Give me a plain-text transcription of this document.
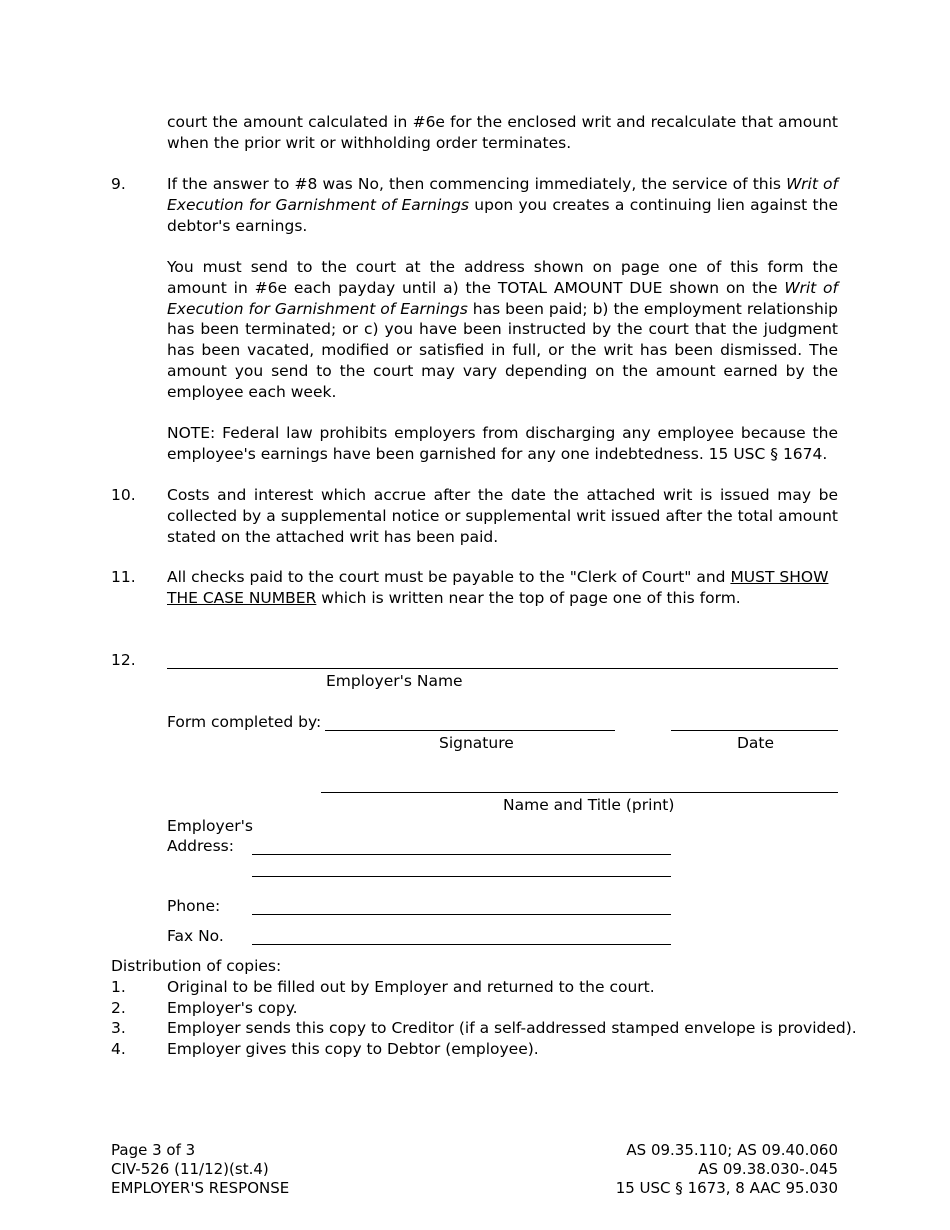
court the amount calculated in #6e for the enclosed writ and recalculate that amount when the prior writ or withholding order terminates.

9.	If the answer to #8 was No, then commencing immediately, the service of this Writ of Execution for Garnishment of Earnings upon you creates a continuing lien against the debtor's earnings.

You must send to the court at the address shown on page one of this form the amount in #6e each payday until a) the TOTAL AMOUNT DUE shown on the Writ of Execution for Garnishment of Earnings has been paid; b) the employment relationship has been terminated; or c) you have been instructed by the court that the judgment has been vacated, modified or satisfied in full, or the writ has been dismissed. The amount you send to the court may vary depending on the amount earned by the employee each week.

NOTE: Federal law prohibits employers from discharging any employee because the employee's earnings have been garnished for any one indebtedness. 15 USC § 1674.

10. Costs and interest which accrue after the date the attached writ is issued may be collected by a supplemental notice or supplemental writ issued after the total amount stated on the attached writ has been paid.

11. All checks paid to the court must be payable to the "Clerk of Court" and MUST SHOW THE CASE NUMBER which is written near the top of page one of this form.

12.
Employer's Name
Form completed by:
Signature	Date
Name and Title (print)
Employer's
Address:
Phone:
Fax No.
Distribution of copies:
1.	Original to be filled out by Employer and returned to the court.
2.	Employer's copy.
3.	Employer sends this copy to Creditor (if a self-addressed stamped envelope is provided).
4.	Employer gives this copy to Debtor (employee).
Page 3 of 3
CIV-526 (11/12)(st.4)
EMPLOYER'S RESPONSE
AS 09.35.110; AS 09.40.060
AS 09.38.030-.045
15 USC § 1673, 8 AAC 95.030
